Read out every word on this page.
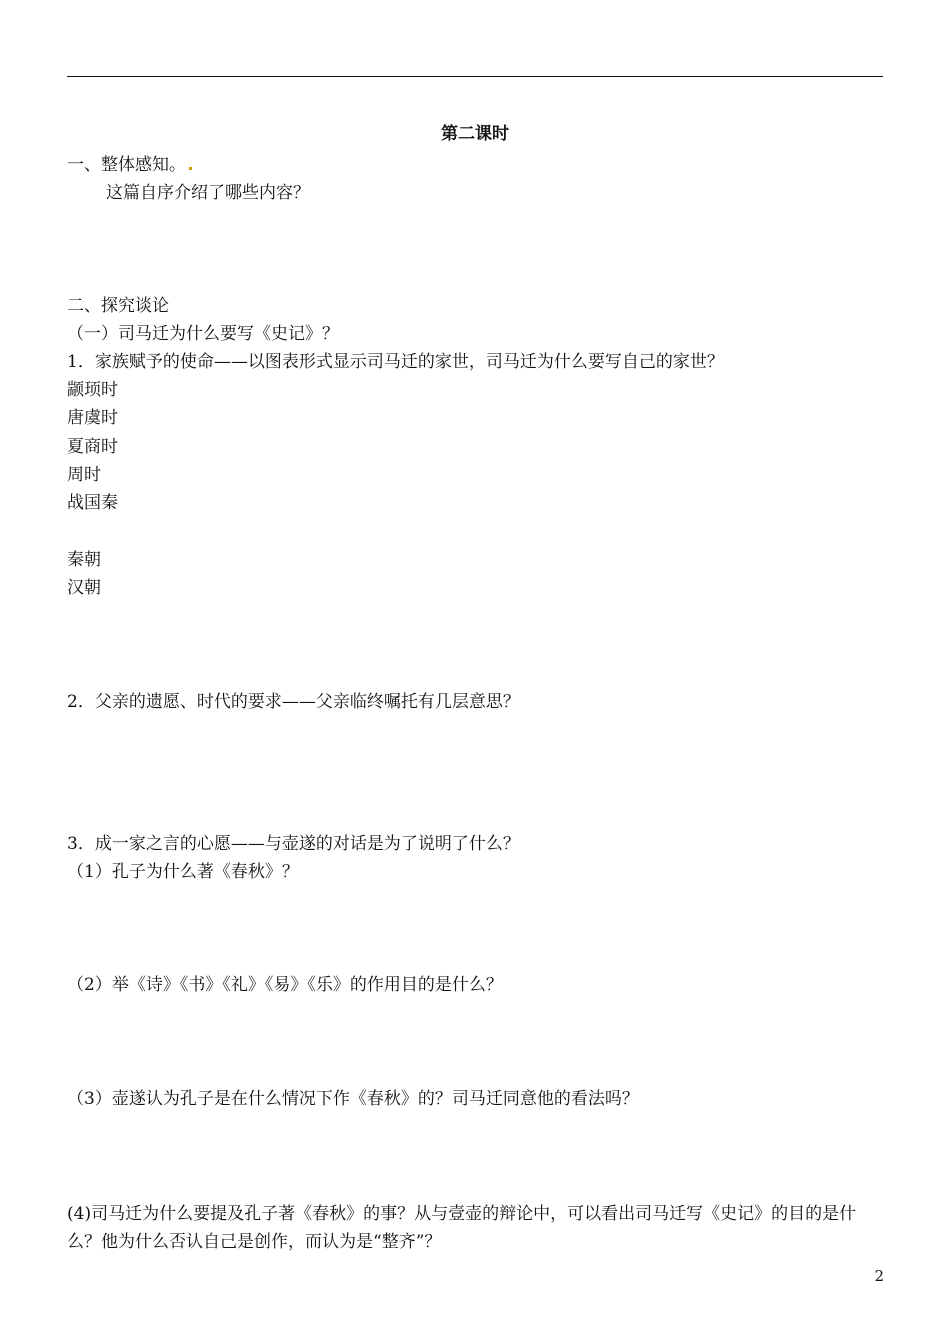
第二课时
一、整体感知。
这篇自序介绍了哪些内容？
二、探究谈论
（一）司马迁为什么要写《史记》？
1．家族赋予的使命——以图表形式显示司马迁的家世，司马迁为什么要写自己的家世？
颛顼时
唐虞时
夏商时
周时
战国秦
秦朝
汉朝
2．父亲的遗愿、时代的要求——父亲临终嘱托有几层意思？
3．成一家之言的心愿——与壶遂的对话是为了说明了什么？
（1）孔子为什么著《春秋》？
（2）举《诗》《书》《礼》《易》《乐》的作用目的是什么？
（3）壶遂认为孔子是在什么情况下作《春秋》的？司马迁同意他的看法吗？
(4)司马迁为什么要提及孔子著《春秋》的事？从与壹壶的辩论中，可以看出司马迁写《史记》的目的是什么？他为什么否认自己是创作，而认为是“整齐”？
2
